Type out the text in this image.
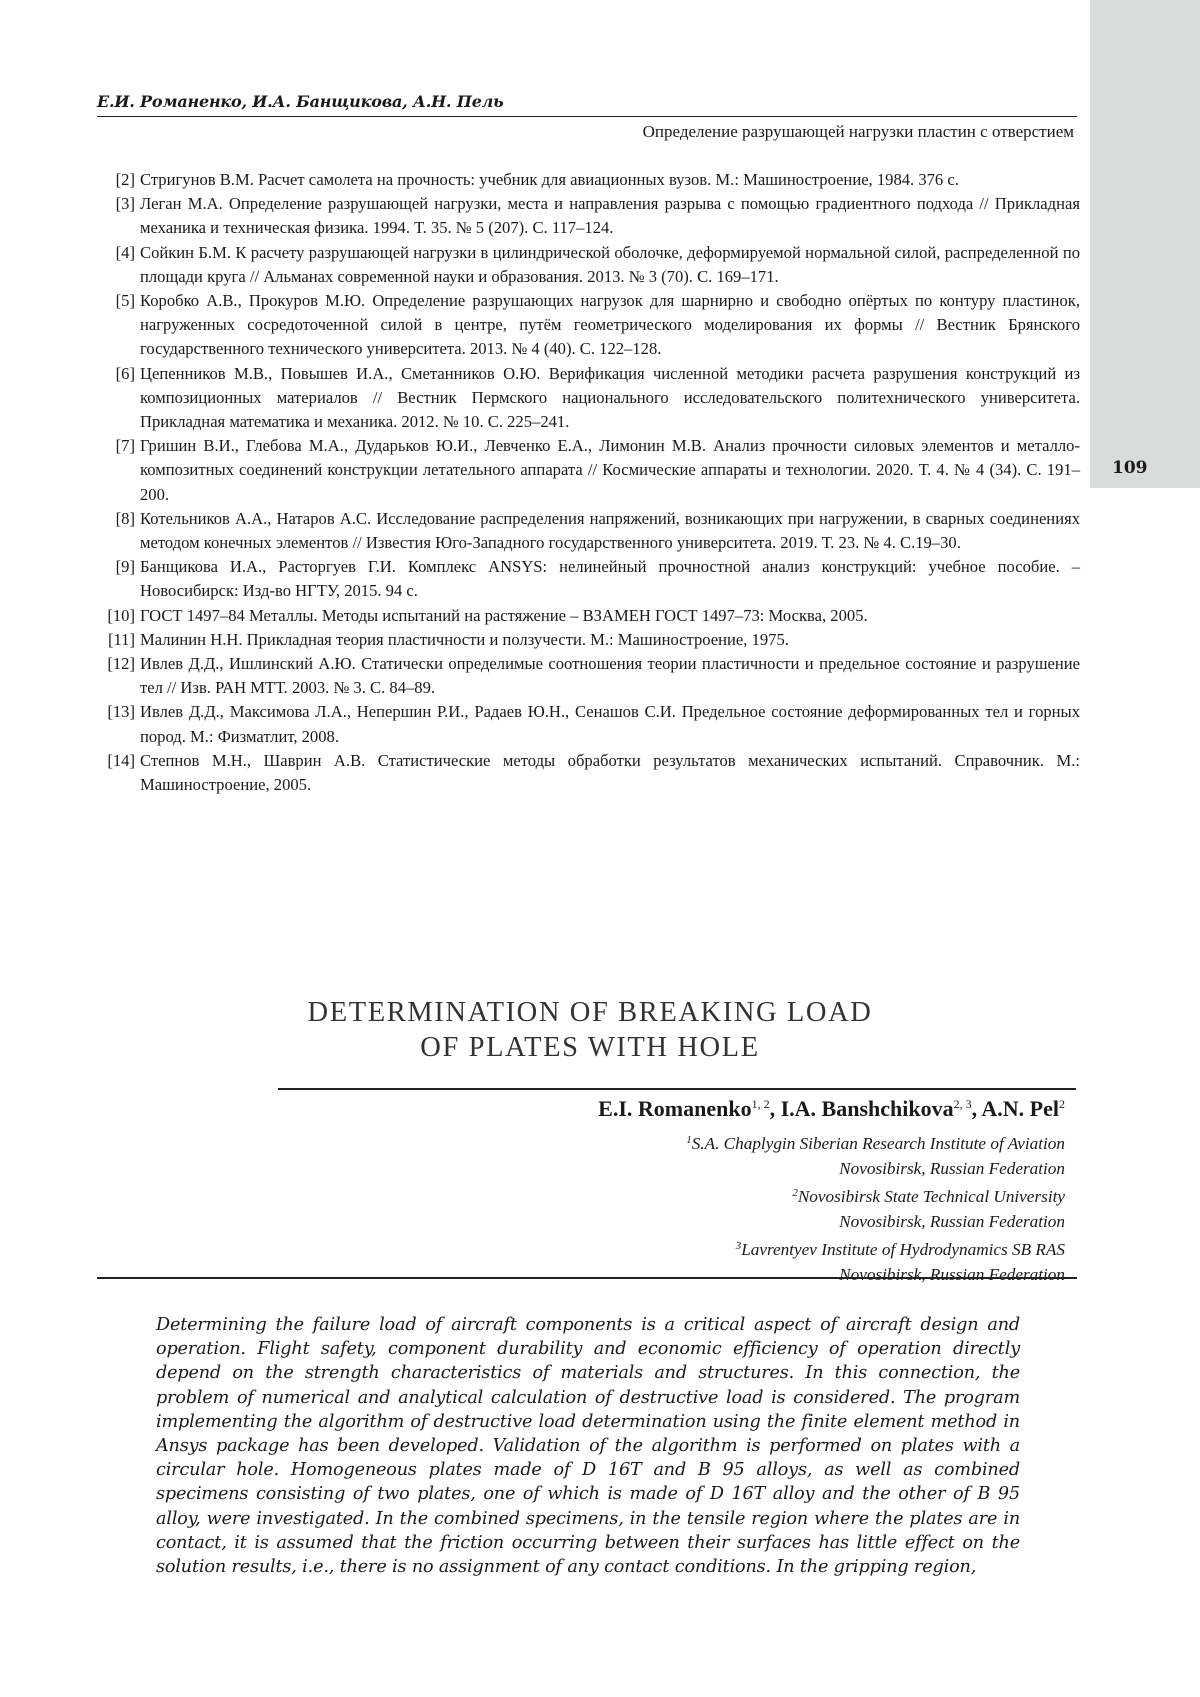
109
Е.И. Романенко, И.А. Банщикова, А.Н. Пель
Определение разрушающей нагрузки пластин с отверстием
[2] Стригунов В.М. Расчет самолета на прочность: учебник для авиационных вузов. М.: Машиностроение, 1984. 376 с.
[3] Леган М.А. Определение разрушающей нагрузки, места и направления разрыва с помощью градиентного подхода // Прикладная механика и техническая физика. 1994. Т. 35. № 5 (207). С. 117–124.
[4] Сойкин Б.М. К расчету разрушающей нагрузки в цилиндрической оболочке, деформируемой нормальной силой, распределенной по площади круга // Альманах современной науки и образования. 2013. № 3 (70). С. 169–171.
[5] Коробко А.В., Прокуров М.Ю. Определение разрушающих нагрузок для шарнирно и свободно опёртых по контуру пластинок, нагруженных сосредоточенной силой в центре, путём геометрического моделирования их формы // Вестник Брянского государственного технического университета. 2013. № 4 (40). С. 122–128.
[6] Цепенников М.В., Повышев И.А., Сметанников О.Ю. Верификация численной методики расчета разрушения конструкций из композиционных материалов // Вестник Пермского национального исследовательского политехнического университета. Прикладная математика и механика. 2012. № 10. С. 225–241.
[7] Гришин В.И., Глебова М.А., Дударьков Ю.И., Левченко Е.А., Лимонин М.В. Анализ прочности силовых элементов и металло-композитных соединений конструкции летательного аппарата // Космические аппараты и технологии. 2020. Т. 4. № 4 (34). С. 191–200.
[8] Котельников А.А., Натаров А.С. Исследование распределения напряжений, возникающих при нагружении, в сварных соединениях методом конечных элементов // Известия Юго-Западного государственного университета. 2019. Т. 23. № 4. С.19–30.
[9] Банщикова И.А., Расторгуев Г.И. Комплекс ANSYS: нелинейный прочностной анализ конструкций: учебное пособие. – Новосибирск: Изд-во НГТУ, 2015. 94 с.
[10] ГОСТ 1497–84 Металлы. Методы испытаний на растяжение – ВЗАМЕН ГОСТ 1497–73: Москва, 2005.
[11] Малинин Н.Н. Прикладная теория пластичности и ползучести. М.: Машиностроение, 1975.
[12] Ивлев Д.Д., Ишлинский А.Ю. Статически определимые соотношения теории пластичности и предельное состояние и разрушение тел // Изв. РАН МТТ. 2003. № 3. С. 84–89.
[13] Ивлев Д.Д., Максимова Л.А., Непершин Р.И., Радаев Ю.Н., Сенашов С.И. Предельное состояние деформированных тел и горных пород. М.: Физматлит, 2008.
[14] Степнов М.Н., Шаврин А.В. Статистические методы обработки результатов механических испытаний. Справочник. М.: Машиностроение, 2005.
DETERMINATION OF BREAKING LOAD
OF PLATES WITH HOLE
E.I. Romanenko1, 2, I.A. Banshchikova2, 3, A.N. Pel2
1S.A. Chaplygin Siberian Research Institute of Aviation
Novosibirsk, Russian Federation
2Novosibirsk State Technical University
Novosibirsk, Russian Federation
3Lavrentyev Institute of Hydrodynamics SB RAS
Novosibirsk, Russian Federation
Determining the failure load of aircraft components is a critical aspect of aircraft design and operation. Flight safety, component durability and economic efficiency of operation directly depend on the strength characteristics of materials and structures. In this connection, the problem of numerical and analytical calculation of destructive load is considered. The program implementing the algorithm of destructive load determination using the finite element method in Ansys package has been developed. Validation of the algorithm is performed on plates with a circular hole. Homogeneous plates made of D 16T and B 95 alloys, as well as combined specimens consisting of two plates, one of which is made of D 16T alloy and the other of B 95 alloy, were investigated. In the combined specimens, in the tensile region where the plates are in contact, it is assumed that the friction occurring between their surfaces has little effect on the solution results, i.e., there is no assignment of any contact conditions. In the gripping region,
